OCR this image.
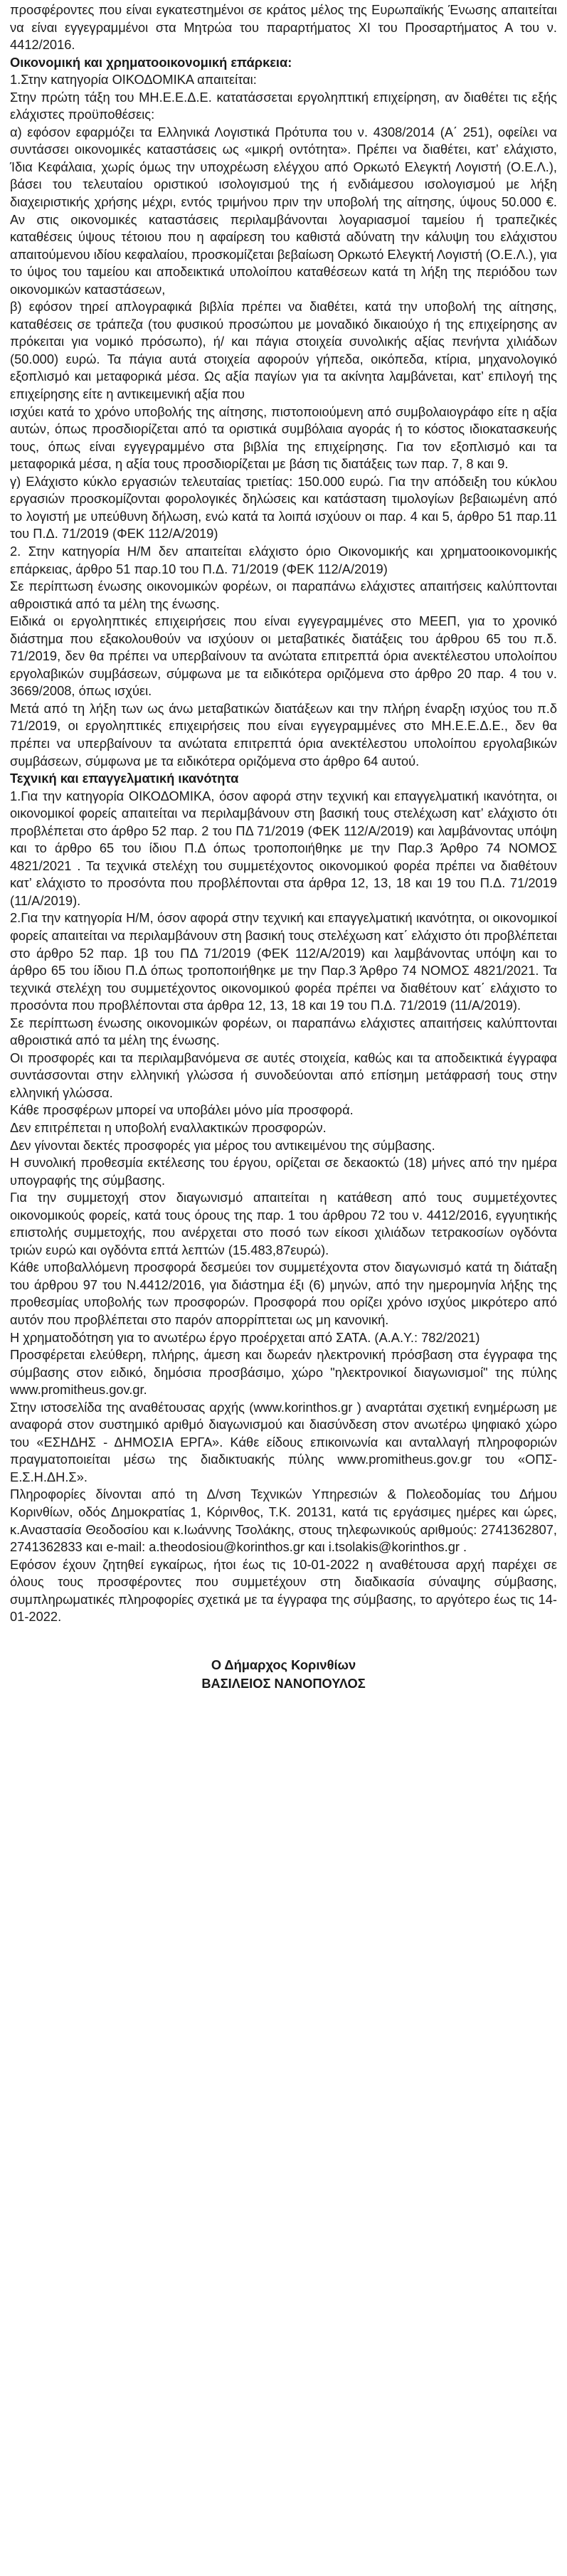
προσφέροντες που είναι εγκατεστημένοι σε κράτος μέλος της Ευρωπαϊκής Ένωσης απαιτείται να είναι εγγεγραμμένοι στα Μητρώα του παραρτήματος XI του Προσαρτήματος Α του ν. 4412/2016.

Οικονομική και χρηματοοικονομική επάρκεια:

1.Στην κατηγορία ΟΙΚΟΔΟΜΙΚΑ απαιτείται:

Στην πρώτη τάξη του ΜΗ.Ε.Ε.Δ.Ε. κατατάσσεται εργοληπτική επιχείρηση, αν διαθέτει τις εξής ελάχιστες προϋποθέσεις:

α) εφόσον εφαρμόζει τα Ελληνικά Λογιστικά Πρότυπα του ν. 4308/2014 (Α΄ 251), οφείλει να συντάσσει οικονομικές καταστάσεις ως «μικρή οντότητα». Πρέπει να διαθέτει, κατ’ ελάχιστο, Ίδια Κεφάλαια, χωρίς όμως την υποχρέωση ελέγχου από Ορκωτό Ελεγκτή Λογιστή (Ο.Ε.Λ.), βάσει του τελευταίου οριστικού ισολογισμού της ή ενδιάμεσου ισολογισμού με λήξη διαχειριστικής χρήσης μέχρι, εντός τριμήνου πριν την υποβολή της αίτησης, ύψους 50.000 €. Αν στις οικονομικές καταστάσεις περιλαμβάνονται λογαριασμοί ταμείου ή τραπεζικές καταθέσεις ύψους τέτοιου που η αφαίρεση του καθιστά αδύνατη την κάλυψη του ελάχιστου απαιτούμενου ιδίου κεφαλαίου, προσκομίζεται βεβαίωση Ορκωτό Ελεγκτή Λογιστή (Ο.Ε.Λ.), για το ύψος του ταμείου και αποδεικτικά υπολοίπου καταθέσεων κατά τη λήξη της περιόδου των οικονομικών καταστάσεων,

β) εφόσον τηρεί απλογραφικά βιβλία πρέπει να διαθέτει, κατά την υποβολή της αίτησης, καταθέσεις σε τράπεζα (του φυσικού προσώπου με μοναδικό δικαιούχο ή της επιχείρησης αν πρόκειται για νομικό πρόσωπο), ή/ και πάγια στοιχεία συνολικής αξίας πενήντα χιλιάδων (50.000) ευρώ. Τα πάγια αυτά στοιχεία αφορούν γήπεδα, οικόπεδα, κτίρια, μηχανολογικό εξοπλισμό και μεταφορικά μέσα. Ως αξία παγίων για τα ακίνητα λαμβάνεται, κατ’ επιλογή της επιχείρησης είτε η αντικειμενική αξία που

ισχύει κατά το χρόνο υποβολής της αίτησης, πιστοποιούμενη από συμβολαιογράφο είτε η αξία αυτών, όπως προσδιορίζεται από τα οριστικά συμβόλαια αγοράς ή το κόστος ιδιοκατασκευής τους, όπως είναι εγγεγραμμένο στα βιβλία της επιχείρησης. Για τον εξοπλισμό και τα μεταφορικά μέσα, η αξία τους προσδιορίζεται με βάση τις διατάξεις των παρ. 7, 8 και 9.

γ) Ελάχιστο κύκλο εργασιών τελευταίας τριετίας: 150.000 ευρώ. Για την απόδειξη του κύκλου εργασιών προσκομίζονται φορολογικές δηλώσεις και κατάσταση τιμολογίων βεβαιωμένη από το λογιστή με υπεύθυνη δήλωση, ενώ κατά τα λοιπά ισχύουν οι παρ. 4 και 5, άρθρο 51 παρ.11 του Π.Δ. 71/2019 (ΦΕΚ 112/Α/2019)

2. Στην κατηγορία Η/Μ δεν απαιτείται ελάχιστο όριο Οικονομικής και χρηματοοικονομικής επάρκειας, άρθρο 51 παρ.10 του Π.Δ. 71/2019 (ΦΕΚ 112/Α/2019)

Σε περίπτωση ένωσης οικονομικών φορέων, οι παραπάνω ελάχιστες απαιτήσεις καλύπτονται αθροιστικά από τα μέλη της ένωσης.

Ειδικά οι εργοληπτικές επιχειρήσεις που είναι εγγεγραμμένες στο ΜΕΕΠ, για το χρονικό διάστημα που εξακολουθούν να ισχύουν οι μεταβατικές διατάξεις του άρθρου 65 του π.δ. 71/2019, δεν θα πρέπει να υπερβαίνουν τα ανώτατα επιτρεπτά όρια ανεκτέλεστου υπολοίπου εργολαβικών συμβάσεων, σύμφωνα με τα ειδικότερα οριζόμενα στο άρθρο 20 παρ. 4 του ν. 3669/2008, όπως ισχύει.

Μετά από τη λήξη των ως άνω μεταβατικών διατάξεων και την πλήρη έναρξη ισχύος του π.δ 71/2019, οι εργοληπτικές επιχειρήσεις που είναι εγγεγραμμένες στο ΜΗ.Ε.Ε.Δ.Ε., δεν θα πρέπει να υπερβαίνουν τα ανώτατα επιτρεπτά όρια ανεκτέλεστου υπολοίπου εργολαβικών συμβάσεων, σύμφωνα με τα ειδικότερα οριζόμενα στο άρθρο 64 αυτού.

Τεχνική και επαγγελματική ικανότητα

1.Για την κατηγορία ΟΙΚΟΔΟΜΙΚΑ, όσον αφορά στην τεχνική και επαγγελματική ικανότητα, οι οικονομικοί φορείς απαιτείται να περιλαμβάνουν στη βασική τους στελέχωση κατ’ ελάχιστο ότι προβλέπεται στο άρθρο 52 παρ. 2 του ΠΔ 71/2019 (ΦΕΚ 112/Α/2019) και λαμβάνοντας υπόψη και το άρθρο 65 του ίδιου Π.Δ όπως τροποποιήθηκε με την Παρ.3 Άρθρο 74 ΝΟΜΟΣ 4821/2021 . Τα τεχνικά στελέχη του συμμετέχοντος οικονομικού φορέα πρέπει να διαθέτουν κατ’ ελάχιστο το προσόντα που προβλέπονται στα άρθρα 12, 13, 18 και 19 του Π.Δ. 71/2019 (11/Α/2019).

2.Για την κατηγορία Η/Μ, όσον αφορά στην τεχνική και επαγγελματική ικανότητα, οι οικονομικοί φορείς απαιτείται να περιλαμβάνουν στη βασική τους στελέχωση κατ΄ ελάχιστο ότι προβλέπεται στο άρθρο 52 παρ. 1β του ΠΔ 71/2019 (ΦΕΚ 112/Α/2019) και λαμβάνοντας υπόψη και το άρθρο 65 του ίδιου Π.Δ όπως τροποποιήθηκε με την Παρ.3 Άρθρο 74 ΝΟΜΟΣ 4821/2021. Τα τεχνικά στελέχη του συμμετέχοντος οικονομικού φορέα πρέπει να διαθέτουν κατ΄ ελάχιστο το προσόντα που προβλέπονται στα άρθρα 12, 13, 18 και 19 του Π.Δ. 71/2019 (11/Α/2019).

Σε περίπτωση ένωσης οικονομικών φορέων, οι παραπάνω ελάχιστες απαιτήσεις καλύπτονται αθροιστικά από τα μέλη της ένωσης.

Οι προσφορές και τα περιλαμβανόμενα σε αυτές στοιχεία, καθώς και τα αποδεικτικά έγγραφα συντάσσονται στην ελληνική γλώσσα ή συνοδεύονται από επίσημη μετάφρασή τους στην ελληνική γλώσσα.

Κάθε προσφέρων μπορεί να υποβάλει μόνο μία προσφορά.

Δεν επιτρέπεται η υποβολή εναλλακτικών προσφορών.

Δεν γίνονται δεκτές προσφορές για μέρος του αντικειμένου της σύμβασης.

Η συνολική προθεσμία εκτέλεσης του έργου, ορίζεται σε δεκαοκτώ (18) μήνες από την ημέρα υπογραφής της σύμβασης.

Για την συμμετοχή στον διαγωνισμό απαιτείται η κατάθεση από τους συμμετέχοντες οικονομικούς φορείς, κατά τους όρους της παρ. 1 του άρθρου 72 του ν. 4412/2016, εγγυητικής επιστολής συμμετοχής, που ανέρχεται στο ποσό των είκοσι χιλιάδων τετρακοσίων ογδόντα τριών ευρώ και ογδόντα επτά λεπτών (15.483,87ευρώ).

Κάθε υποβαλλόμενη προσφορά δεσμεύει τον συμμετέχοντα στον διαγωνισμό κατά τη διάταξη του άρθρου 97 του Ν.4412/2016, για διάστημα έξι (6) μηνών, από την ημερομηνία λήξης της προθεσμίας υποβολής των προσφορών. Προσφορά που ορίζει χρόνο ισχύος μικρότερο από αυτόν που προβλέπεται στο παρόν απορρίπτεται ως μη κανονική.

Η χρηματοδότηση για το ανωτέρω έργο προέρχεται από ΣΑΤΑ. (Α.Α.Υ.: 782/2021)

Προσφέρεται ελεύθερη, πλήρης, άμεση και δωρεάν ηλεκτρονική πρόσβαση στα έγγραφα της σύμβασης στον ειδικό, δημόσια προσβάσιμο, χώρο "ηλεκτρονικοί διαγωνισμοί" της πύλης www.promitheus.gov.gr.

Στην ιστοσελίδα της αναθέτουσας αρχής (www.korinthos.gr ) αναρτάται σχετική ενημέρωση με αναφορά στον συστημικό αριθμό διαγωνισμού και διασύνδεση στον ανωτέρω ψηφιακό χώρο του «ΕΣΗΔΗΣ - ΔΗΜΟΣΙΑ ΕΡΓΑ». Κάθε είδους επικοινωνία και ανταλλαγή πληροφοριών πραγματοποιείται μέσω της διαδικτυακής πύλης www.promitheus.gov.gr του «ΟΠΣ- Ε.Σ.Η.ΔΗ.Σ».

Πληροφορίες δίνονται από τη Δ/νση Τεχνικών Υπηρεσιών & Πολεοδομίας του Δήμου Κορινθίων, οδός Δημοκρατίας 1, Κόρινθος, Τ.Κ. 20131, κατά τις εργάσιμες ημέρες και ώρες, κ.Αναστασία Θεοδοσίου και κ.Ιωάννης Τσολάκης, στους τηλεφωνικούς αριθμούς: 2741362807, 2741362833 και e-mail: a.theodosiou@korinthos.gr και i.tsolakis@korinthos.gr .

Εφόσον έχουν ζητηθεί εγκαίρως, ήτοι έως τις 10-01-2022 η αναθέτουσα αρχή παρέχει σε όλους τους προσφέροντες που συμμετέχουν στη διαδικασία σύναψης σύμβασης, συμπληρωματικές πληροφορίες σχετικά με τα έγγραφα της σύμβασης, το αργότερο έως τις 14-01-2022.

Ο Δήμαρχος Κορινθίων

ΒΑΣΙΛΕΙΟΣ ΝΑΝΟΠΟΥΛΟΣ
